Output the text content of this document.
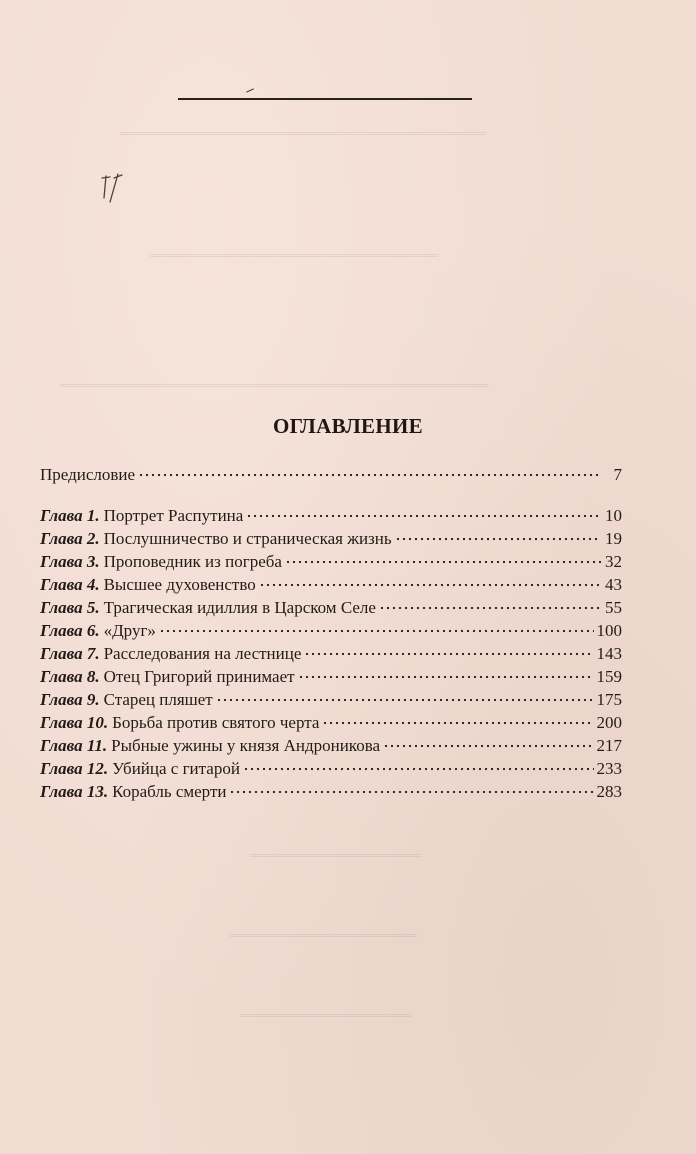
═══════════════════════════════════════════════
═════════════════════════════════════
═══════════════════════════════════════════════════════
══════════════════════
════════════════════════
══════════════════════
ОГЛАВЛЕНИЕ
Предисловие	7
Глава 1. Портрет Распутина	10
Глава 2. Послушничество и страническая жизнь	19
Глава 3. Проповедник из погреба	32
Глава 4. Высшее духовенство	43
Глава 5. Трагическая идиллия в Царском Селе	55
Глава 6. «Друг»	100
Глава 7. Расследования на лестнице	143
Глава 8. Отец Григорий принимает	159
Глава 9. Старец пляшет	175
Глава 10. Борьба против святого черта	200
Глава 11. Рыбные ужины у князя Андроникова	217
Глава 12. Убийца с гитарой	233
Глава 13. Корабль смерти	283
